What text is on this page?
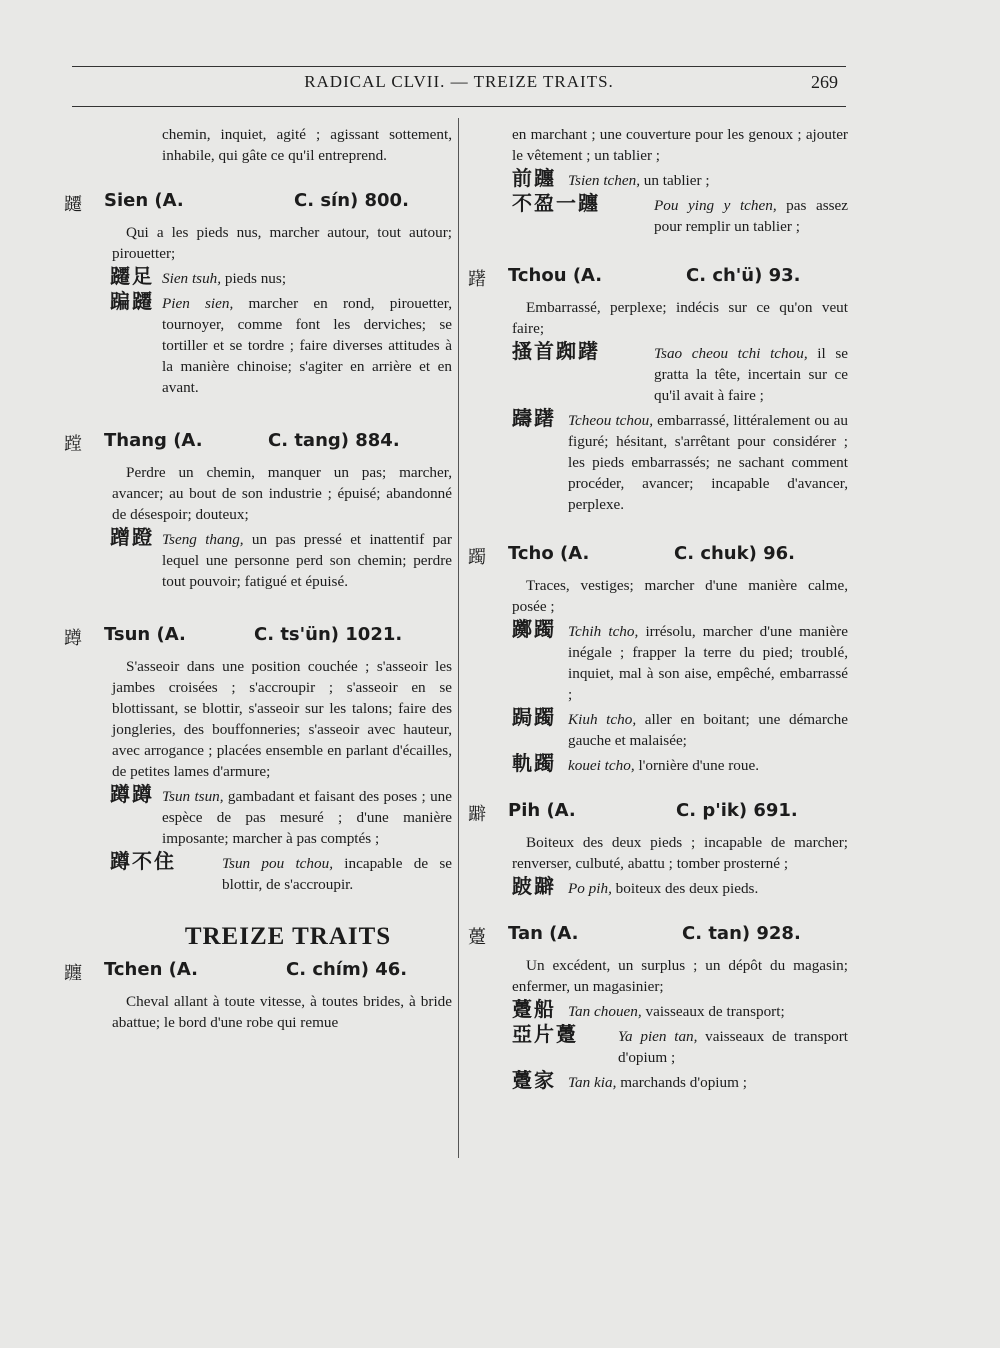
RADICAL CLVII. — TREIZE TRAITS.	269

chemin, inquiet, agité ; agissant sottement, inhabile, qui gâte ce qu'il entreprend.

躚 Sien (A.	C. sín) 800.

Qui a les pieds nus, marcher autour, tout autour; pirouetter;

躚足 Sien tsuh, pieds nus;
蹁躚 Pien sien, marcher en rond, pirouetter, tournoyer, comme font les derviches; se tortiller et se tordre ; faire diverses attitudes à la manière chinoise; s'agiter en arrière et en avant.
蹚 Thang (A.	C. tang) 884.

Perdre un chemin, manquer un pas; marcher, avancer; au bout de son industrie ; épuisé; abandonné de désespoir; douteux;

蹭蹬 Tseng thang, un pas pressé et inattentif par lequel une personne perd son chemin; perdre tout pouvoir; fatigué et épuisé.
蹲 Tsun (A.	C. ts'ün) 1021.

S'asseoir dans une position couchée ; s'asseoir les jambes croisées ; s'accroupir ; s'asseoir en se blottissant, se blottir, s'asseoir sur les talons; faire des jongleries, des bouffonneries; s'asseoir avec hauteur, avec arrogance ; placées ensemble en parlant d'écailles, de petites lames d'armure;

蹲蹲 Tsun tsun, gambadant et faisant des poses ; une espèce de pas mesuré ; d'une manière imposante; marcher à pas comptés ;
蹲不住	Tsun pou tchou, incapable de se blottir, de s'accroupir.
TREIZE TRAITS
躔 Tchen (A.	C. chím) 46.

Cheval allant à toute vitesse, à toutes brides, à bride abattue; le bord d'une robe qui remue

en marchant ; une couverture pour les genoux ; ajouter le vêtement ; un tablier ;

前躔 Tsien tchen, un tablier ;
不盈一躔	Pou ying y tchen, pas assez pour remplir un tablier ;
躇 Tchou (A.	C. ch'ü) 93.

Embarrassé, perplexe; indécis sur ce qu'on veut faire;

搔首踟躇	Tsao cheou tchi tchou, il se gratta la tête, incertain sur ce qu'il avait à faire ;
躊躇 Tcheou tchou, embarrassé, littéralement ou au figuré; hésitant, s'arrêtant pour considérer ; les pieds embarrassés; ne sachant comment procéder, avancer; incapable d'avancer, perplexe.
躅 Tcho (A.	C. chuk) 96.

Traces, vestiges; marcher d'une manière calme, posée ;

躑躅 Tchih tcho, irrésolu, marcher d'une manière inégale ; frapper la terre du pied; troublé, inquiet, mal à son aise, empêché, embarrassé ;
跼躅 Kiuh tcho, aller en boitant; une démarche gauche et malaisée;
軌躅 kouei tcho, l'ornière d'une roue.
躃 Pih (A.	C. p'ik) 691.

Boiteux des deux pieds ; incapable de marcher; renverser, culbuté, abattu ; tomber prosterné ;

跛躃 Po pih, boiteux des deux pieds.
躉 Tan (A.	C. tan) 928.

Un excédent, un surplus ; un dépôt du magasin; enfermer, un magasinier;

躉船 Tan chouen, vaisseaux de transport;
亞片躉	Ya pien tan, vaisseaux de transport d'opium ;
躉家 Tan kia, marchands d'opium ;
